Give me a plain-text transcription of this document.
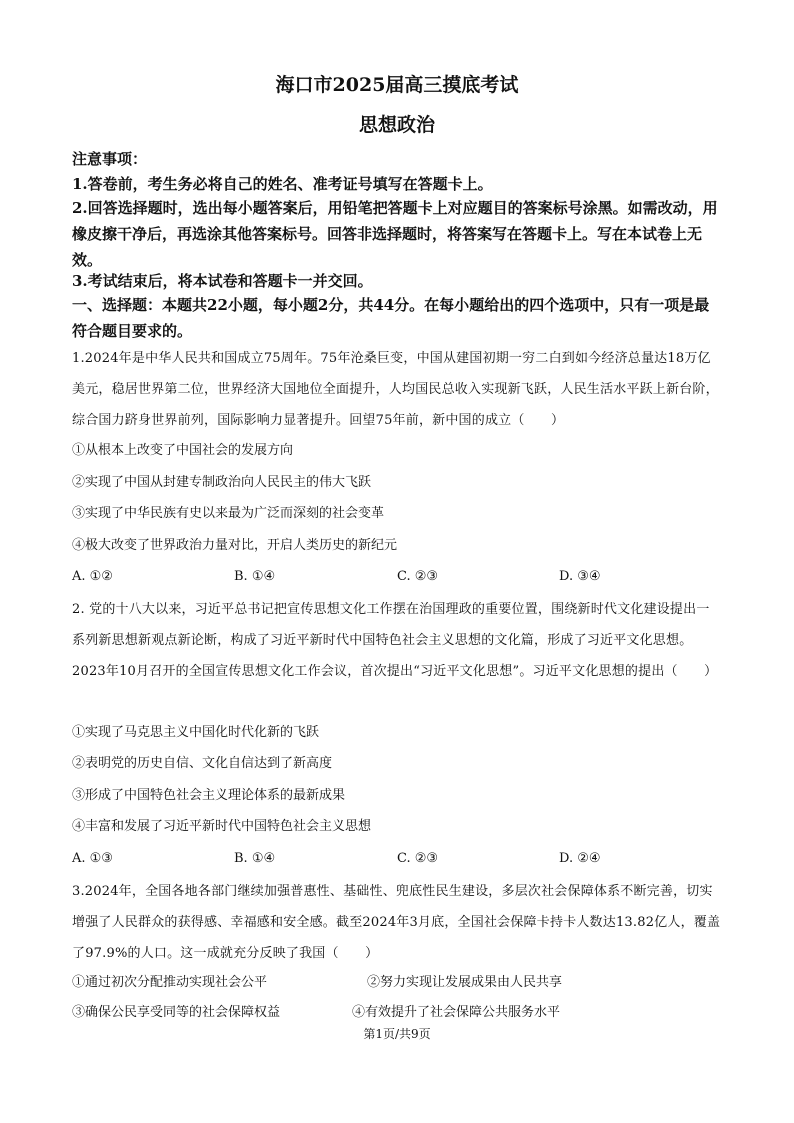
海口市2025届高三摸底考试
思想政治
注意事项：
1.答卷前，考生务必将自己的姓名、准考证号填写在答题卡上。
2.回答选择题时，选出每小题答案后，用铅笔把答题卡上对应题目的答案标号涂黑。如需改动，用橡皮擦干净后，再选涂其他答案标号。回答非选择题时，将答案写在答题卡上。写在本试卷上无效。
3.考试结束后，将本试卷和答题卡一并交回。
一、选择题：本题共22小题，每小题2分，共44分。在每小题给出的四个选项中，只有一项是最符合题目要求的。
1.2024年是中华人民共和国成立75周年。75年沧桑巨变，中国从建国初期一穷二白到如今经济总量达18万亿美元，稳居世界第二位，世界经济大国地位全面提升，人均国民总收入实现新飞跃，人民生活水平跃上新台阶，综合国力跻身世界前列，国际影响力显著提升。回望75年前，新中国的成立（　　）
①从根本上改变了中国社会的发展方向
②实现了中国从封建专制政治向人民民主的伟大飞跃
③实现了中华民族有史以来最为广泛而深刻的社会变革
④极大改变了世界政治力量对比，开启人类历史的新纪元
A. ①②	B. ①④	C. ②③	D. ③④
2. 党的十八大以来，习近平总书记把宣传思想文化工作摆在治国理政的重要位置，围绕新时代文化建设提出一系列新思想新观点新论断，构成了习近平新时代中国特色社会主义思想的文化篇，形成了习近平文化思想。2023年10月召开的全国宣传思想文化工作会议，首次提出“习近平文化思想”。习近平文化思想的提出（　　）
①实现了马克思主义中国化时代化新的飞跃
②表明党的历史自信、文化自信达到了新高度
③形成了中国特色社会主义理论体系的最新成果
④丰富和发展了习近平新时代中国特色社会主义思想
A. ①③	B. ①④	C. ②③	D. ②④
3.2024年，全国各地各部门继续加强普惠性、基础性、兜底性民生建设，多层次社会保障体系不断完善，切实增强了人民群众的获得感、幸福感和安全感。截至2024年3月底，全国社会保障卡持卡人数达13.82亿人，覆盖了97.9%的人口。这一成就充分反映了我国（　　）
①通过初次分配推动实现社会公平	②努力实现让发展成果由人民共享
③确保公民享受同等的社会保障权益	④有效提升了社会保障公共服务水平
第1页/共9页
